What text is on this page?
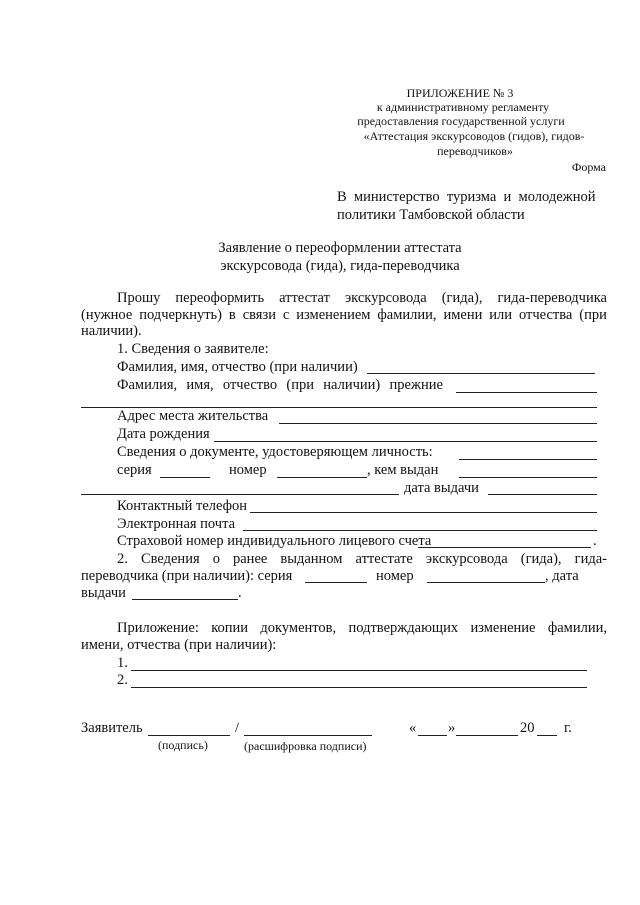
ПРИЛОЖЕНИЕ № 3
к административному регламенту
предоставления государственной услуги
«Аттестация экскурсоводов (гидов), гидов-
переводчиков»
Форма
В  министерство  туризма  и  молодежной
политики Тамбовской области
Заявление о переоформлении аттестата
экскурсовода (гида), гида-переводчика
Прошу переоформить аттестат экскурсовода (гида), гида-переводчика
(нужное подчеркнуть) в связи с изменением фамилии, имени или отчества (при
наличии).
1. Сведения о заявителе:
Фамилия, имя, отчество (при наличии)
Фамилия, имя, отчество (при наличии) прежние
Адрес места жительства
Дата рождения
Сведения о документе, удостоверяющем личность:
серия	номер	, кем выдан
дата выдачи
Контактный телефон
Электронная почта
Страховой номер индивидуального лицевого счета	.
2. Сведения о ранее выданном аттестате экскурсовода (гида), гида-
переводчика (при наличии): серия	номер	, дата
выдачи	.
Приложение: копии документов, подтверждающих изменение фамилии,
имени, отчества (при наличии):
1.
2.
Заявитель	/	« »	20 г.
(подпись)	(расшифровка подписи)
